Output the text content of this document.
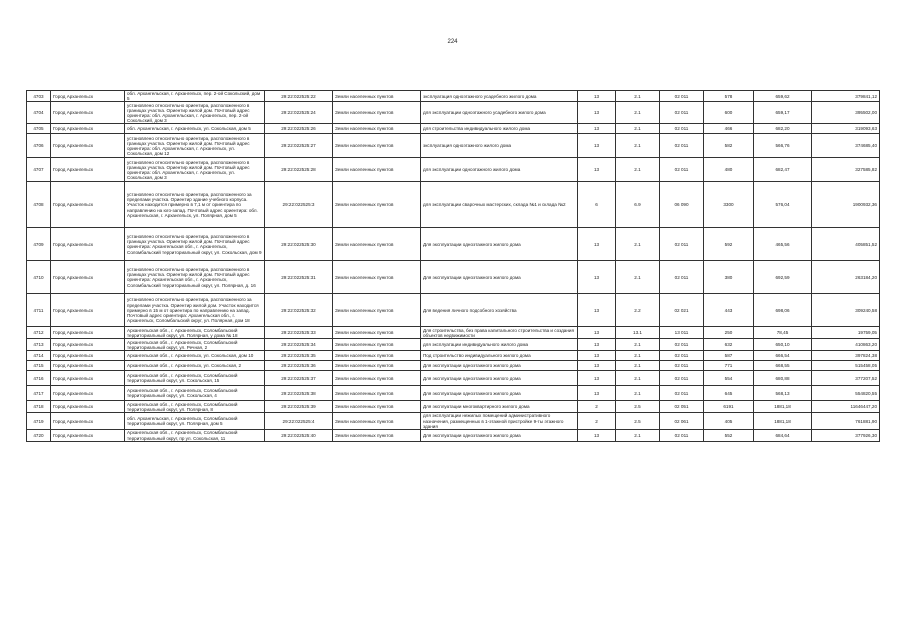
224
4703	Город Архангельск	обл. Архангельская, г. Архангельск, пер. 2-ой Сокольский, дом 5	29:22:022525:22	Земли населенных пунктов	эксплуатация одноэтажного усадебного жилого дома	13	2.1	02 011	578	659,62	379841,12
4704	Город Архангельск	установлено относительно ориентира, расположенного в границах участка. Ориентир жилой дом. Почтовый адрес ориентира: обл. Архангельская, г. Архангельск, пер. 2-ой Сокольский, дом 3	29:22:022525:24	Земли населенных пунктов	для эксплуатации одноэтажного усадебного жилого дома	13	2.1	02 011	600	659,17	395502,00
4705	Город Архангельск	обл. Архангельская, г. Архангельск, ул. Сокольская, дом 5	29:22:022525:26	Земли населенных пунктов	для строительства индивидуального жилого дома	13	2.1	02 011	466	682,20	319093,63
4706	Город Архангельск	установлено относительно ориентира, расположенного в границах участка. Ориентир жилой дом. Почтовый адрес ориентира: обл. Архангельская, г. Архангельск, ул. Сокольская, дом 12	29:22:022525:27	Земли населенных пунктов	эксплуатация одноэтажного жилого дома	13	2.1	02 011	582	566,76	374685,40
4707	Город Архангельск	установлено относительно ориентира, расположенного в границах участка. Ориентир жилой дом. Почтовый адрес ориентира: обл. Архангельская, г. Архангельск, ул. Сокольская, дом 3	29:22:022525:28	Земли населенных пунктов	для эксплуатации одноэтажного жилого дома	13	2.1	02 011	480	682,47	327585,82
4708	Город Архангельск	установлено относительно ориентира, расположенного за пределами участка. Ориентир здание учебного корпуса. Участок находится примерно в 7,1 м от ориентира по направлению на юго-запад. Почтовый адрес ориентира: обл. Архангельская, г. Архангельск, ул. Полярная, дом 5	29:22:022525:3	Земли населенных пунктов	для эксплуатации сварочных мастерских, склада №1 и склада №2	6	6.9	06 090	3300	576,04	1900932,36
4709	Город Архангельск	установлено относительно ориентира, расположенного в границах участка. Ориентир жилой дом. Почтовый адрес ориентира: Архангельская обл., г. Архангельск, Соломбальский территориальный округ, ул. Сокольская, дом 9	29:22:022525:30	Земли населенных пунктов	Для эксплуатации одноэтажного жилого дома	13	2.1	02 011	592	465,56	405851,52
4710	Город Архангельск	установлено относительно ориентира, расположенного в границах участка. Ориентир жилой дом. Почтовый адрес ориентира: Архангельская обл., г. Архангельск, Соломбальский территориальный округ, ул. Полярная, д. 16	29:22:022525:31	Земли населенных пунктов	Для эксплуатации одноэтажного жилого дома	13	2.1	02 011	380	692,59	263184,20
4711	Город Архангельск	установлено относительно ориентира, расположенного за пределами участка. Ориентир жилой дом. Участок находится примерно в 15 м от ориентира по направлению на запад. Почтовый адрес ориентира: Архангельская обл., г. Архангельск, Соломбальский округ, ул. Полярная, дом 18	29:22:022525:32	Земли населенных пунктов	Для ведения личного подсобного хозяйства	13	2.2	02 021	443	698,06	309240,58
4712	Город Архангельск	Архангельская обл., г. Архангельск, Соломбальский территориальный округ, ул. Полярная, у дома № 18	29:22:022525:33	Земли населенных пунктов	Для строительства, без права капитального строительства и создания объектов недвижимости	13	13.1	13 011	250	78,45	19759,05
4713	Город Архангельск	Архангельская обл., г. Архангельск, Соломбальский территориальный округ, ул. Речная, 2	29:22:022525:34	Земли населенных пунктов	для эксплуатации индивидуального жилого дома	13	2.1	02 011	632	650,10	410863,20
4714	Город Архангельск	Архангельская обл., г. Архангельск, ул. Сокольская, дом 10	29:22:022525:35	Земли населенных пунктов	Под строительство индивидуального жилого дома	13	2.1	02 011	587	666,54	397824,38
4715	Город Архангельск	Архангельская обл., г. Архангельск, ул. Сокольская, 2	29:22:022525:36	Земли населенных пунктов	Для эксплуатации одноэтажного жилого дома	13	2.1	02 011	771	668,55	515458,05
4716	Город Архангельск	Архангельская обл., г. Архангельск, Соломбальский территориальный округ, ул. Сокольская, 15	29:22:022525:37	Земли населенных пунктов	Для эксплуатации одноэтажного жилого дома	13	2.1	02 011	554	680,88	377207,52
4717	Город Архангельск	Архангельская обл., г. Архангельск, Соломбальский территориальный округ, ул. Сокольская, 4	29:22:022525:38	Земли населенных пунктов	Для эксплуатации одноэтажного жилого дома	13	2.1	02 011	645	568,13	554820,55
4718	Город Архангельск	Архангельская обл., г. Архангельск, Соломбальский территориальный округ, ул. Полярная, 8	29:22:022525:39	Земли населенных пунктов	Для эксплуатации многоквартирного жилого дома	2	2.5	02 051	6191	1881,18	11646447,20
4719	Город Архангельск	обл. Архангельская, г. Архангельск, Соломбальский территориальный округ, ул. Полярная, дом 5	29:22:022525:4	Земли населенных пунктов	для эксплуатации нежилых помещений административного назначения, размещенных в 1-этажной пристройке 9-ты этажного здания	2	2.5	02 061	405	1881,18	761881,90
4720	Город Архангельск	Архангельская обл., г. Архангельск, Соломбальский территориальный округ, пр ул. Сокольская, 11	29:22:022525:40	Земли населенных пунктов	Для эксплуатации одноэтажного жилого дома	13	2.1	02 011	552	684,64	377926,30
